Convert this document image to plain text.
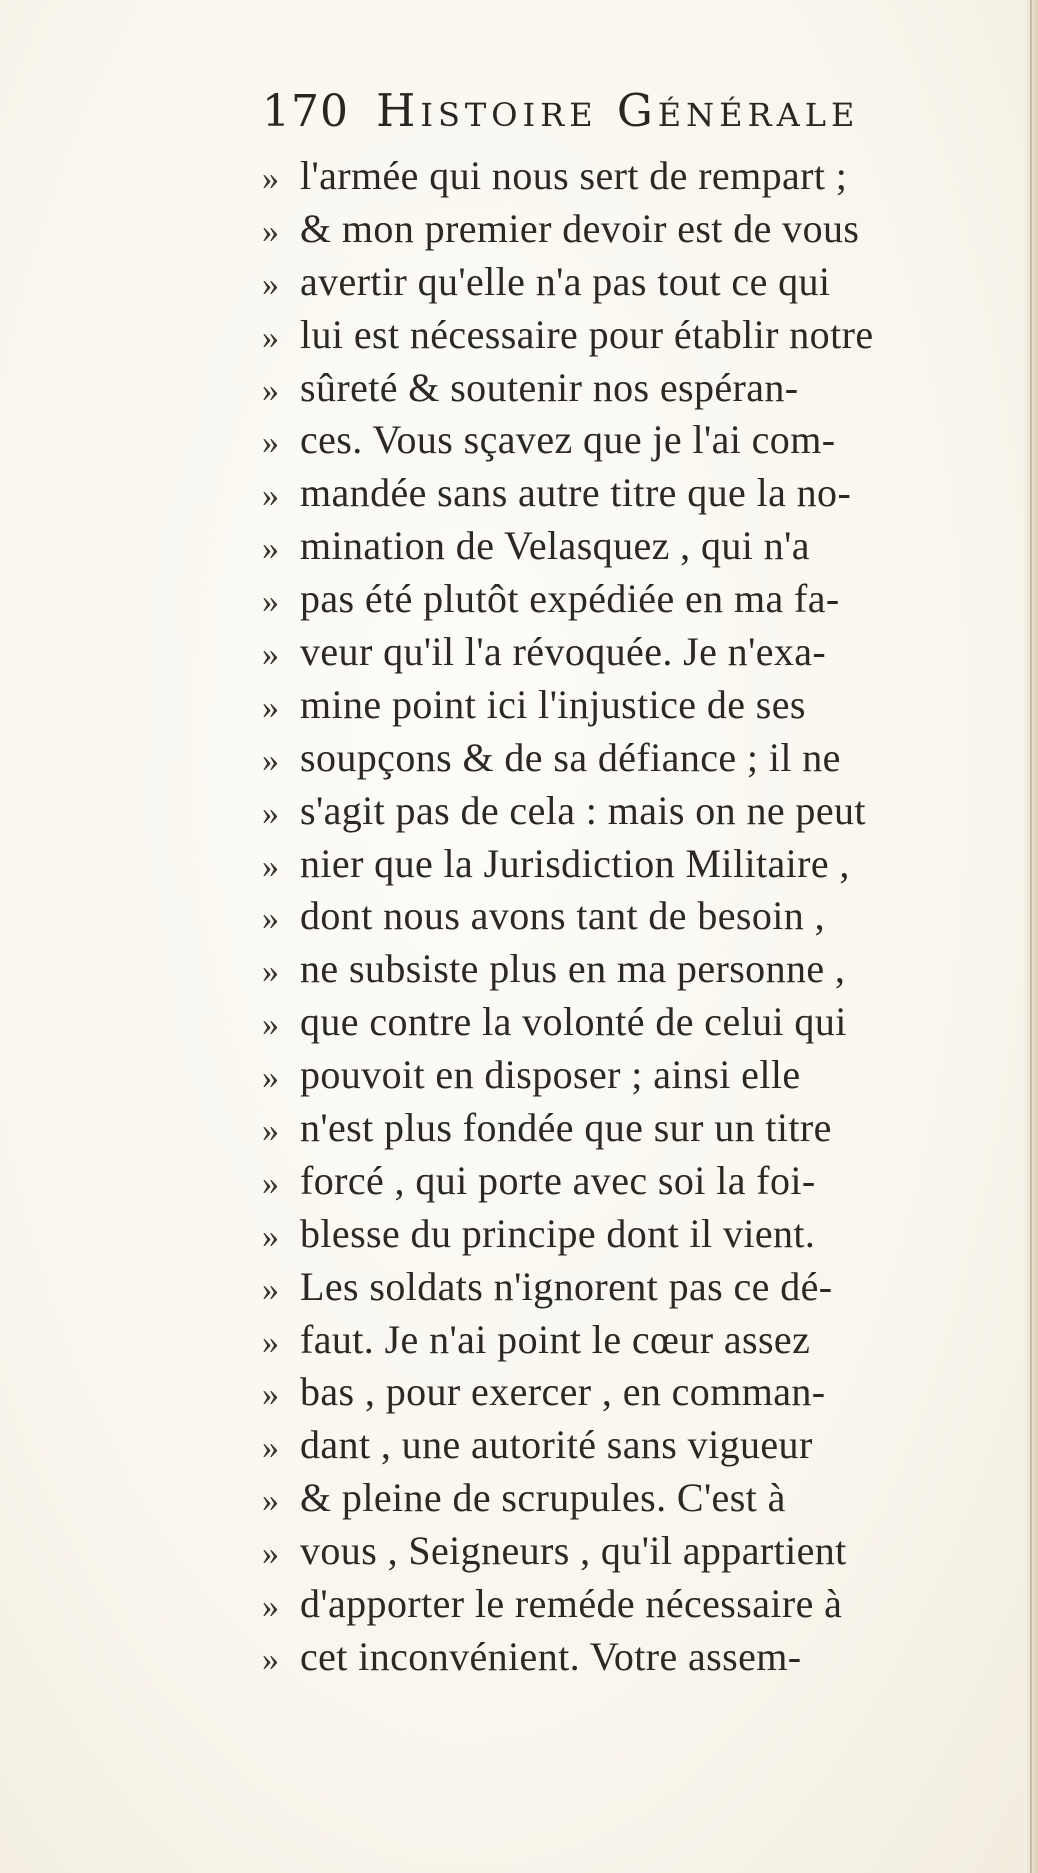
170 Histoire Générale
» l'armée qui nous sert de rempart ;
» & mon premier devoir est de vous
» avertir qu'elle n'a pas tout ce qui
» lui est nécessaire pour établir notre
» sûreté & soutenir nos espéran-
» ces. Vous sçavez que je l'ai com-
» mandée sans autre titre que la no-
» mination de Velasquez , qui n'a
» pas été plutôt expédiée en ma fa-
» veur qu'il l'a révoquée. Je n'exa-
» mine point ici l'injustice de ses
» soupçons & de sa défiance ; il ne
» s'agit pas de cela : mais on ne peut
» nier que la Jurisdiction Militaire ,
» dont nous avons tant de besoin ,
» ne subsiste plus en ma personne ,
» que contre la volonté de celui qui
» pouvoit en disposer ; ainsi elle
» n'est plus fondée que sur un titre
» forcé , qui porte avec soi la foi-
» blesse du principe dont il vient.
» Les soldats n'ignorent pas ce dé-
» faut. Je n'ai point le cœur assez
» bas , pour exercer , en comman-
» dant , une autorité sans vigueur
» & pleine de scrupules. C'est à
» vous , Seigneurs , qu'il appartient
» d'apporter le reméde nécessaire à
» cet inconvénient. Votre assem-
